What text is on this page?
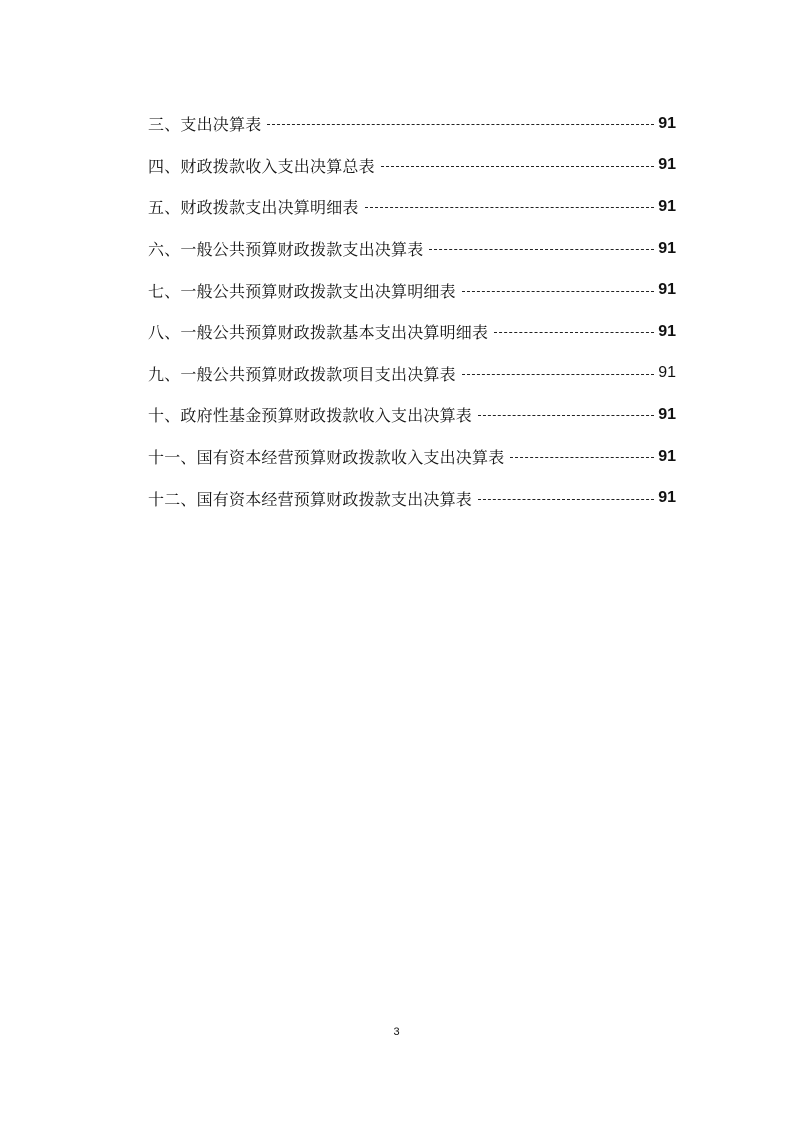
三、支出决算表	91
四、财政拨款收入支出决算总表	91
五、财政拨款支出决算明细表	91
六、一般公共预算财政拨款支出决算表	91
七、一般公共预算财政拨款支出决算明细表	91
八、一般公共预算财政拨款基本支出决算明细表	91
九、一般公共预算财政拨款项目支出决算表	91
十、政府性基金预算财政拨款收入支出决算表	91
十一、国有资本经营预算财政拨款收入支出决算表	91
十二、国有资本经营预算财政拨款支出决算表	91
3
